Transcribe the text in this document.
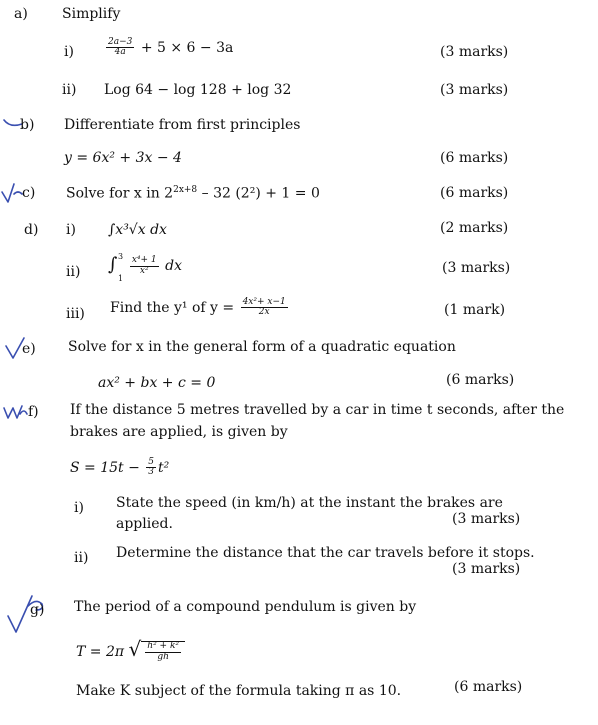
a) Simplify
i)	$\frac{2a-3}{4a} + 5 \times 6 - 3a$	(3 marks)
ii) Log 64 − log 128 + log 32	(3 marks)
b) Differentiate from first principles
y = 6x² + 3x − 4	(6 marks)
c) Solve for x in $2^{2x+8} - 32$ (2²) + 1 = 0	(6 marks)
d) i) ∫x³√x dx	(2 marks)
ii) ∫ 3
1
$\frac{\text{x⁴+ 1}}{\text{x²}}$ dx	(3 marks)
iii) Find the y¹ of $y = \frac{\text{4x²+ x−1}}{2x}$	(1 mark)
e) Solve for x in the general form of a quadratic equation
ax² + bx + c = 0	(6 marks)
f) If the distance 5 metres travelled by a car in time t seconds, after the
brakes are applied, is given by
$S = 15t - \frac{5}{3} t^2$
i) State the speed (in km/h) at the instant the brakes are
applied.	(3 marks)
ii) Determine the distance that the car travels before it stops.
(3 marks)
g) The period of a compound pendulum is given by
T = 2π √ $\frac{\text{h² + k²}}{gh}$
Make K subject of the formula taking π as 10.	(6 marks)
